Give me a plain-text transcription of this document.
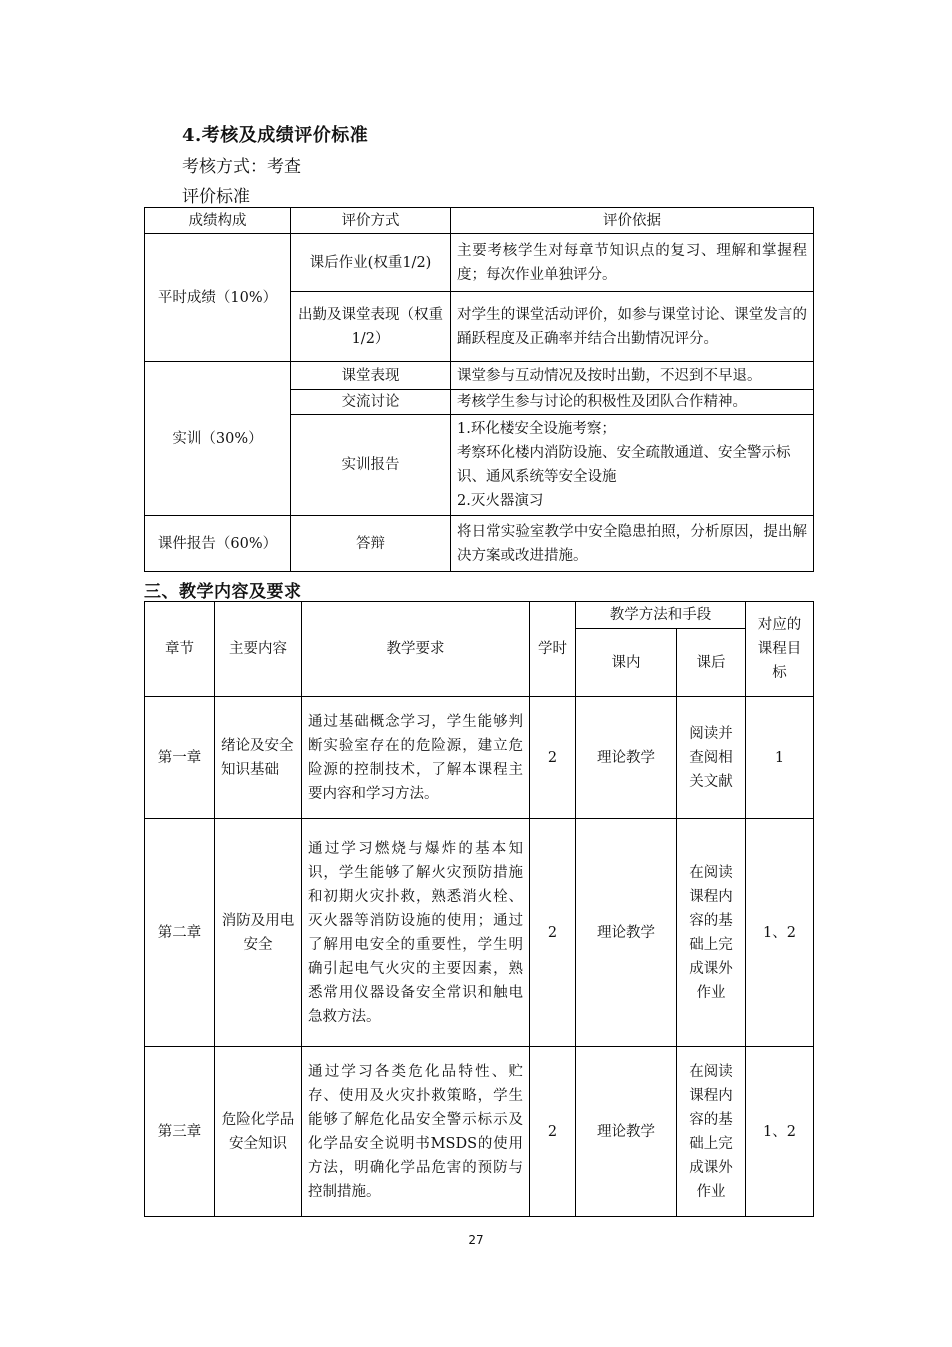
4.考核及成绩评价标准

考核方式：考查

评价标准

成绩构成	评价方式	评价依据
平时成绩（10%）	课后作业(权重1/2)	主要考核学生对每章节知识点的复习、理解和掌握程度；每次作业单独评分。
	出勤及课堂表现（权重1/2）	对学生的课堂活动评价，如参与课堂讨论、课堂发言的踊跃程度及正确率并结合出勤情况评分。
实训（30%）	课堂表现	课堂参与互动情况及按时出勤，不迟到不早退。
	交流讨论	考核学生参与讨论的积极性及团队合作精神。
	实训报告	1.环化楼安全设施考察；
考察环化楼内消防设施、安全疏散通道、安全警示标识、通风系统等安全设施
2.灭火器演习

课件报告（60%）	答辩	将日常实验室教学中安全隐患拍照，分析原因，提出解决方案或改进措施。

三、教学内容及要求

章节	主要内容	教学要求	学时	教学方法和手段		对应的课程目标
				课内	课后	
第一章	绪论及安全知识基础	通过基础概念学习，学生能够判断实验室存在的危险源，建立危险源的控制技术，了解本课程主要内容和学习方法。	2	理论教学	阅读并查阅相关文献	1
第二章	消防及用电安全	通过学习燃烧与爆炸的基本知识，学生能够了解火灾预防措施和初期火灾扑救，熟悉消火栓、灭火器等消防设施的使用；通过了解用电安全的重要性，学生明确引起电气火灾的主要因素，熟悉常用仪器设备安全常识和触电急救方法。	2	理论教学	在阅读课程内容的基础上完成课外作业	1、2
第三章	危险化学品安全知识	通过学习各类危化品特性、贮存、使用及火灾扑救策略，学生能够了解危化品安全警示标示及化学品安全说明书MSDS的使用方法，明确化学品危害的预防与控制措施。	2	理论教学	在阅读课程内容的基础上完成课外作业	1、2
27
